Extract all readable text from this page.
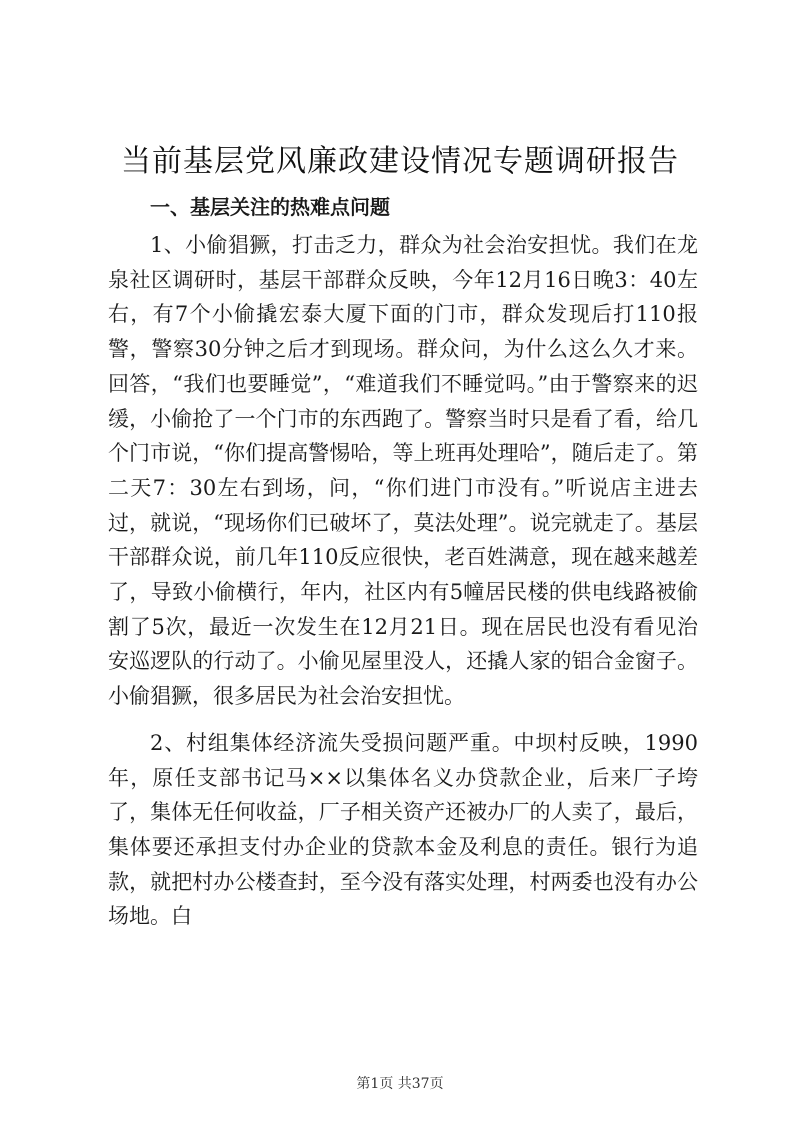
当前基层党风廉政建设情况专题调研报告
一、基层关注的热难点问题

1、小偷猖獗，打击乏力，群众为社会治安担忧。我们在龙泉社区调研时，基层干部群众反映，今年12月16日晚3：40左右，有7个小偷撬宏泰大厦下面的门市，群众发现后打110报警，警察30分钟之后才到现场。群众问，为什么这么久才来。回答，“我们也要睡觉”，“难道我们不睡觉吗。”由于警察来的迟缓，小偷抢了一个门市的东西跑了。警察当时只是看了看，给几个门市说，“你们提高警惕哈，等上班再处理哈”，随后走了。第二天7：30左右到场，问，“你们进门市没有。”听说店主进去过，就说，“现场你们已破坏了，莫法处理”。说完就走了。基层干部群众说，前几年110反应很快，老百姓满意，现在越来越差了，导致小偷横行，年内，社区内有5幢居民楼的供电线路被偷割了5次，最近一次发生在12月21日。现在居民也没有看见治安巡逻队的行动了。小偷见屋里没人，还撬人家的铝合金窗子。小偷猖獗，很多居民为社会治安担忧。

2、村组集体经济流失受损问题严重。中坝村反映，1990年，原任支部书记马××以集体名义办贷款企业，后来厂子垮了，集体无任何收益，厂子相关资产还被办厂的人卖了，最后，集体要还承担支付办企业的贷款本金及利息的责任。银行为追款，就把村办公楼查封，至今没有落实处理，村两委也没有办公场地。白

第1页 共37页
